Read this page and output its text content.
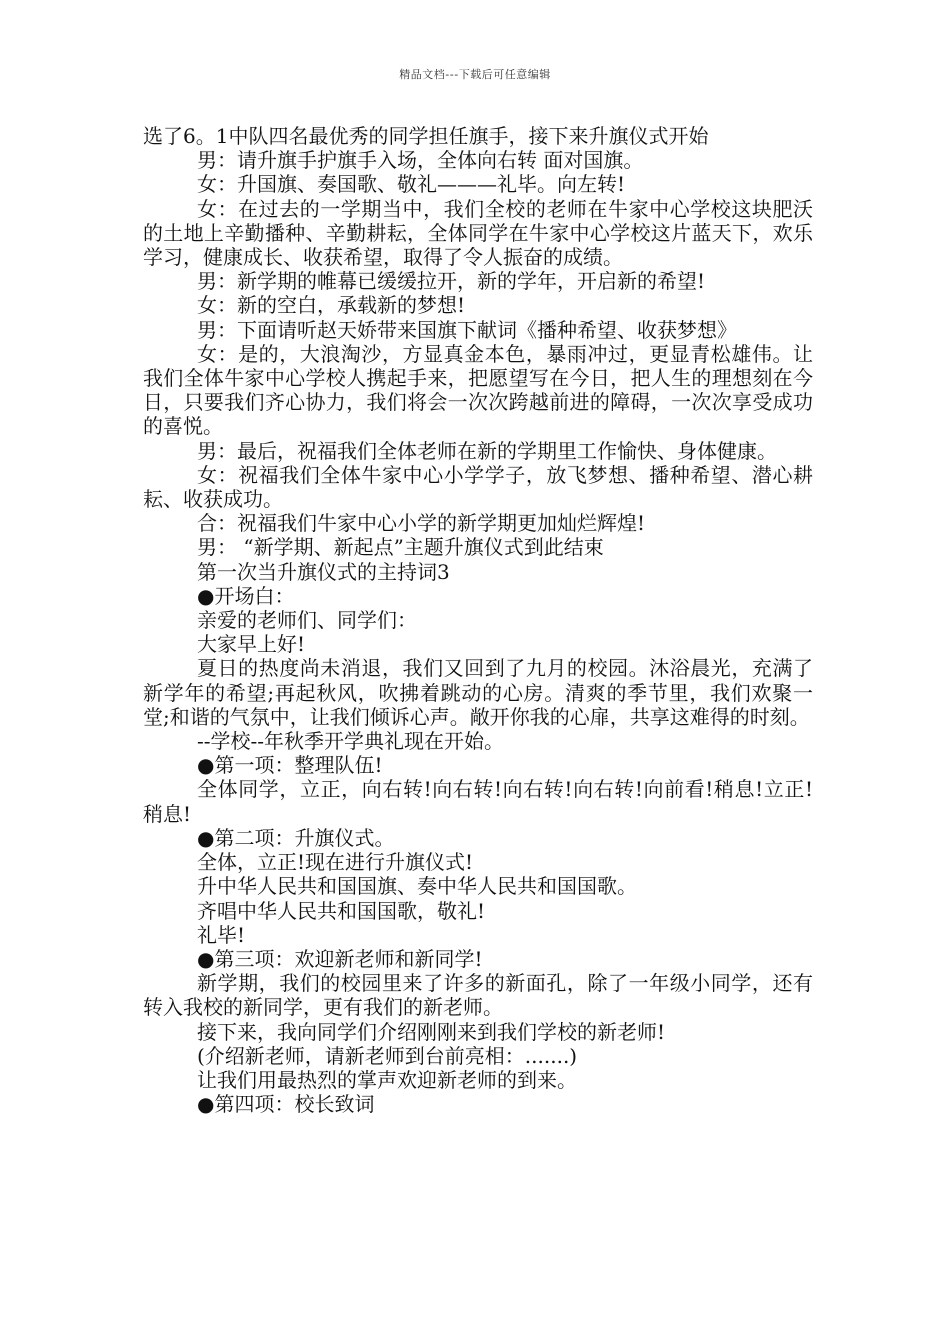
精品文档---下载后可任意编辑

选了6。1中队四名最优秀的同学担任旗手，接下来升旗仪式开始

男：请升旗手护旗手入场，全体向右转 面对国旗。

女：升国旗、奏国歌、敬礼———礼毕。向左转!

女：在过去的一学期当中，我们全校的老师在牛家中心学校这块肥沃的土地上辛勤播种、辛勤耕耘，全体同学在牛家中心学校这片蓝天下，欢乐学习，健康成长、收获希望，取得了令人振奋的成绩。

男：新学期的帷幕已缓缓拉开，新的学年，开启新的希望!

女：新的空白，承载新的梦想!

男：下面请听赵天娇带来国旗下献词《播种希望、收获梦想》

女：是的，大浪淘沙，方显真金本色，暴雨冲过，更显青松雄伟。让我们全体牛家中心学校人携起手来，把愿望写在今日，把人生的理想刻在今日，只要我们齐心协力，我们将会一次次跨越前进的障碍，一次次享受成功的喜悦。

男：最后，祝福我们全体老师在新的学期里工作愉快、身体健康。

女：祝福我们全体牛家中心小学学子，放飞梦想、播种希望、潜心耕耘、收获成功。

合：祝福我们牛家中心小学的新学期更加灿烂辉煌!

男： “新学期、新起点”主题升旗仪式到此结束

第一次当升旗仪式的主持词3

●开场白：

亲爱的老师们、同学们：

大家早上好!

夏日的热度尚未消退，我们又回到了九月的校园。沐浴晨光，充满了新学年的希望;再起秋风，吹拂着跳动的心房。清爽的季节里，我们欢聚一堂;和谐的气氛中，让我们倾诉心声。敞开你我的心扉，共享这难得的时刻。

--学校--年秋季开学典礼现在开始。

●第一项：整理队伍!

全体同学，立正，向右转!向右转!向右转!向右转!向前看!稍息!立正!稍息!

●第二项：升旗仪式。

全体，立正!现在进行升旗仪式!

升中华人民共和国国旗、奏中华人民共和国国歌。

齐唱中华人民共和国国歌，敬礼!

礼毕!

●第三项：欢迎新老师和新同学!

新学期，我们的校园里来了许多的新面孔，除了一年级小同学，还有转入我校的新同学，更有我们的新老师。

接下来，我向同学们介绍刚刚来到我们学校的新老师!

(介绍新老师，请新老师到台前亮相：.......)

让我们用最热烈的掌声欢迎新老师的到来。

●第四项：校长致词
